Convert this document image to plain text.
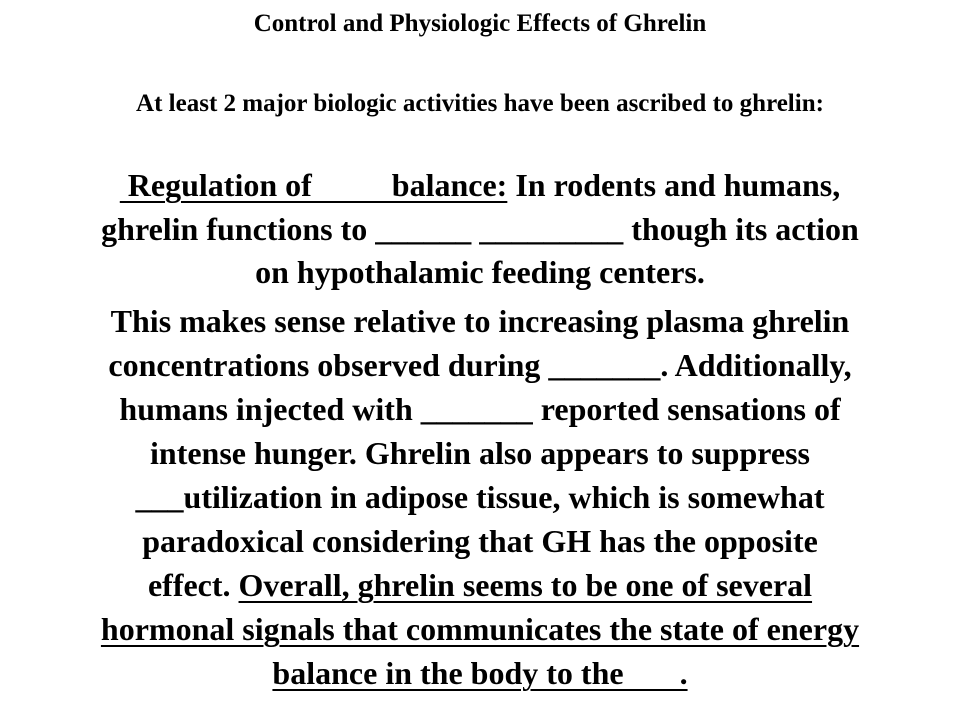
Control and Physiologic Effects of Ghrelin
At least 2 major biologic activities have been ascribed to ghrelin:
Regulation of          balance: In rodents and humans,
ghrelin functions to ______ _________ though its action
on hypothalamic feeding centers.
This makes sense relative to increasing plasma ghrelin
concentrations observed during _______. Additionally,
humans injected with _______ reported sensations of
intense hunger. Ghrelin also appears to suppress
___utilization in adipose tissue, which is somewhat
paradoxical considering that GH has the opposite
effect. Overall, ghrelin seems to be one of several
hormonal signals that communicates the state of energy
balance in the body to the       .
